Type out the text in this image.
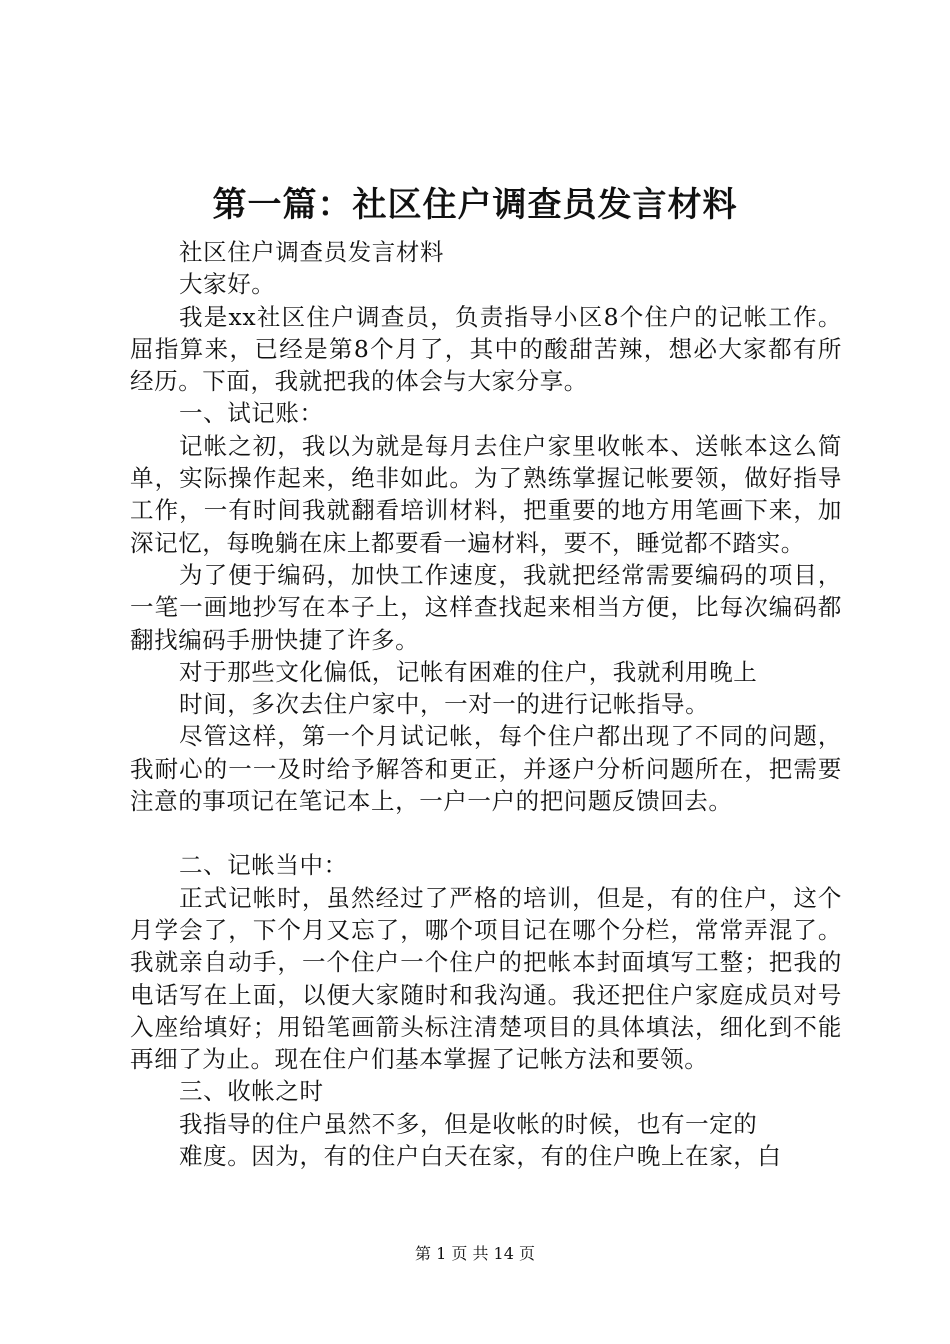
第一篇：社区住户调查员发言材料

社区住户调查员发言材料

大家好。

我是xx社区住户调查员，负责指导小区8个住户的记帐工作。屈指算来，已经是第8个月了，其中的酸甜苦辣，想必大家都有所经历。下面，我就把我的体会与大家分享。

一、试记账：

记帐之初，我以为就是每月去住户家里收帐本、送帐本这么简单，实际操作起来，绝非如此。为了熟练掌握记帐要领，做好指导工作，一有时间我就翻看培训材料，把重要的地方用笔画下来，加深记忆，每晚躺在床上都要看一遍材料，要不，睡觉都不踏实。

为了便于编码，加快工作速度，我就把经常需要编码的项目，一笔一画地抄写在本子上，这样查找起来相当方便，比每次编码都翻找编码手册快捷了许多。

对于那些文化偏低，记帐有困难的住户，我就利用晚上

时间，多次去住户家中，一对一的进行记帐指导。

尽管这样，第一个月试记帐，每个住户都出现了不同的问题，我耐心的一一及时给予解答和更正，并逐户分析问题所在，把需要注意的事项记在笔记本上，一户一户的把问题反馈回去。

二、记帐当中：

正式记帐时，虽然经过了严格的培训，但是，有的住户，这个月学会了，下个月又忘了，哪个项目记在哪个分栏，常常弄混了。我就亲自动手，一个住户一个住户的把帐本封面填写工整；把我的电话写在上面，以便大家随时和我沟通。我还把住户家庭成员对号入座给填好；用铅笔画箭头标注清楚项目的具体填法，细化到不能再细了为止。现在住户们基本掌握了记帐方法和要领。

三、收帐之时

我指导的住户虽然不多，但是收帐的时候，也有一定的

难度。因为，有的住户白天在家，有的住户晚上在家，白

第 1 页 共 14 页
